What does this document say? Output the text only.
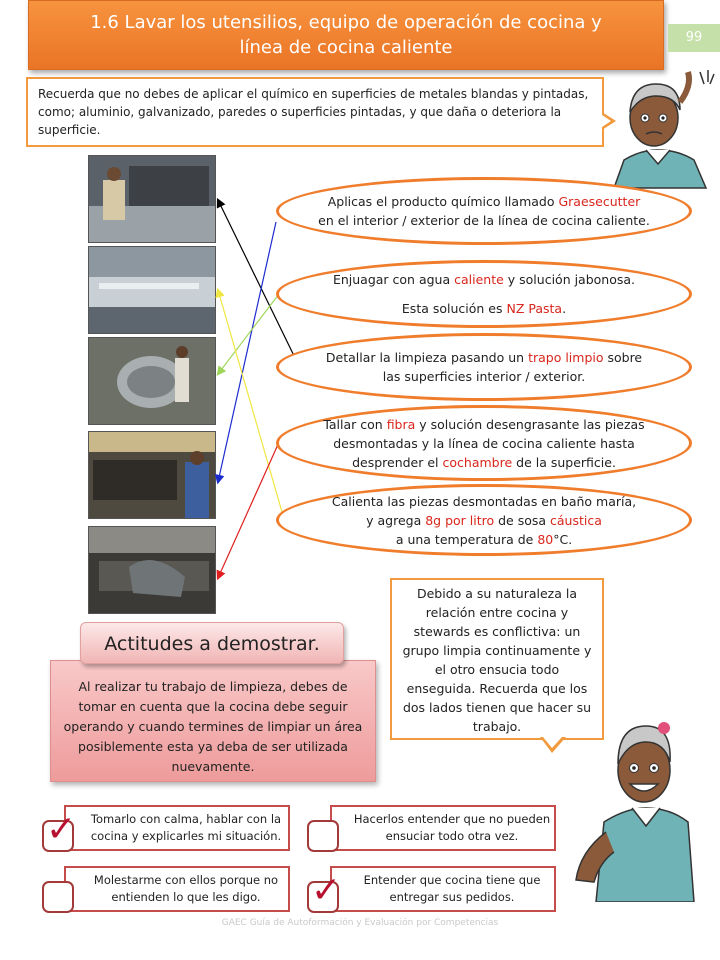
1.6 Lavar los utensilios, equipo de operación de cocina y
línea de cocina caliente	99
Recuerda que no debes de aplicar el químico en superficies de metales blandas y pintadas, como; aluminio, galvanizado, paredes o superficies pintadas, y que daña o deteriora la superficie.
Aplicas el producto químico llamado Graesecutter
en el interior / exterior de la línea de cocina caliente.
Enjuagar con agua caliente y solución jabonosa.
Esta solución es NZ Pasta.
Detallar la limpieza pasando un trapo limpio sobre
las superficies interior / exterior.
Tallar con fibra y solución desengrasante las piezas
desmontadas y la línea de cocina caliente hasta
desprender el cochambre de la superficie.
Calienta las piezas desmontadas en baño maría,
y agrega 8g por litro de sosa cáustica
a una temperatura de 80°C.
Actitudes a demostrar.
Al realizar tu trabajo de limpieza, debes de tomar en cuenta que la cocina debe seguir operando y cuando termines de limpiar un área posiblemente esta ya deba de ser utilizada nuevamente.
Debido a su naturaleza la relación entre cocina y stewards es conflictiva: un grupo limpia continuamente y el otro ensucia todo enseguida. Recuerda que los dos lados tienen que hacer su trabajo.
Tomarlo con calma, hablar con la cocina y explicarles mi situación.
✓	Hacerlos entender que no pueden ensuciar todo otra vez.
Molestarme con ellos porque no entienden lo que les digo.
Entender que cocina tiene que entregar sus pedidos.
✓
GAEC Guía de Autoformación y Evaluación por Competencias
